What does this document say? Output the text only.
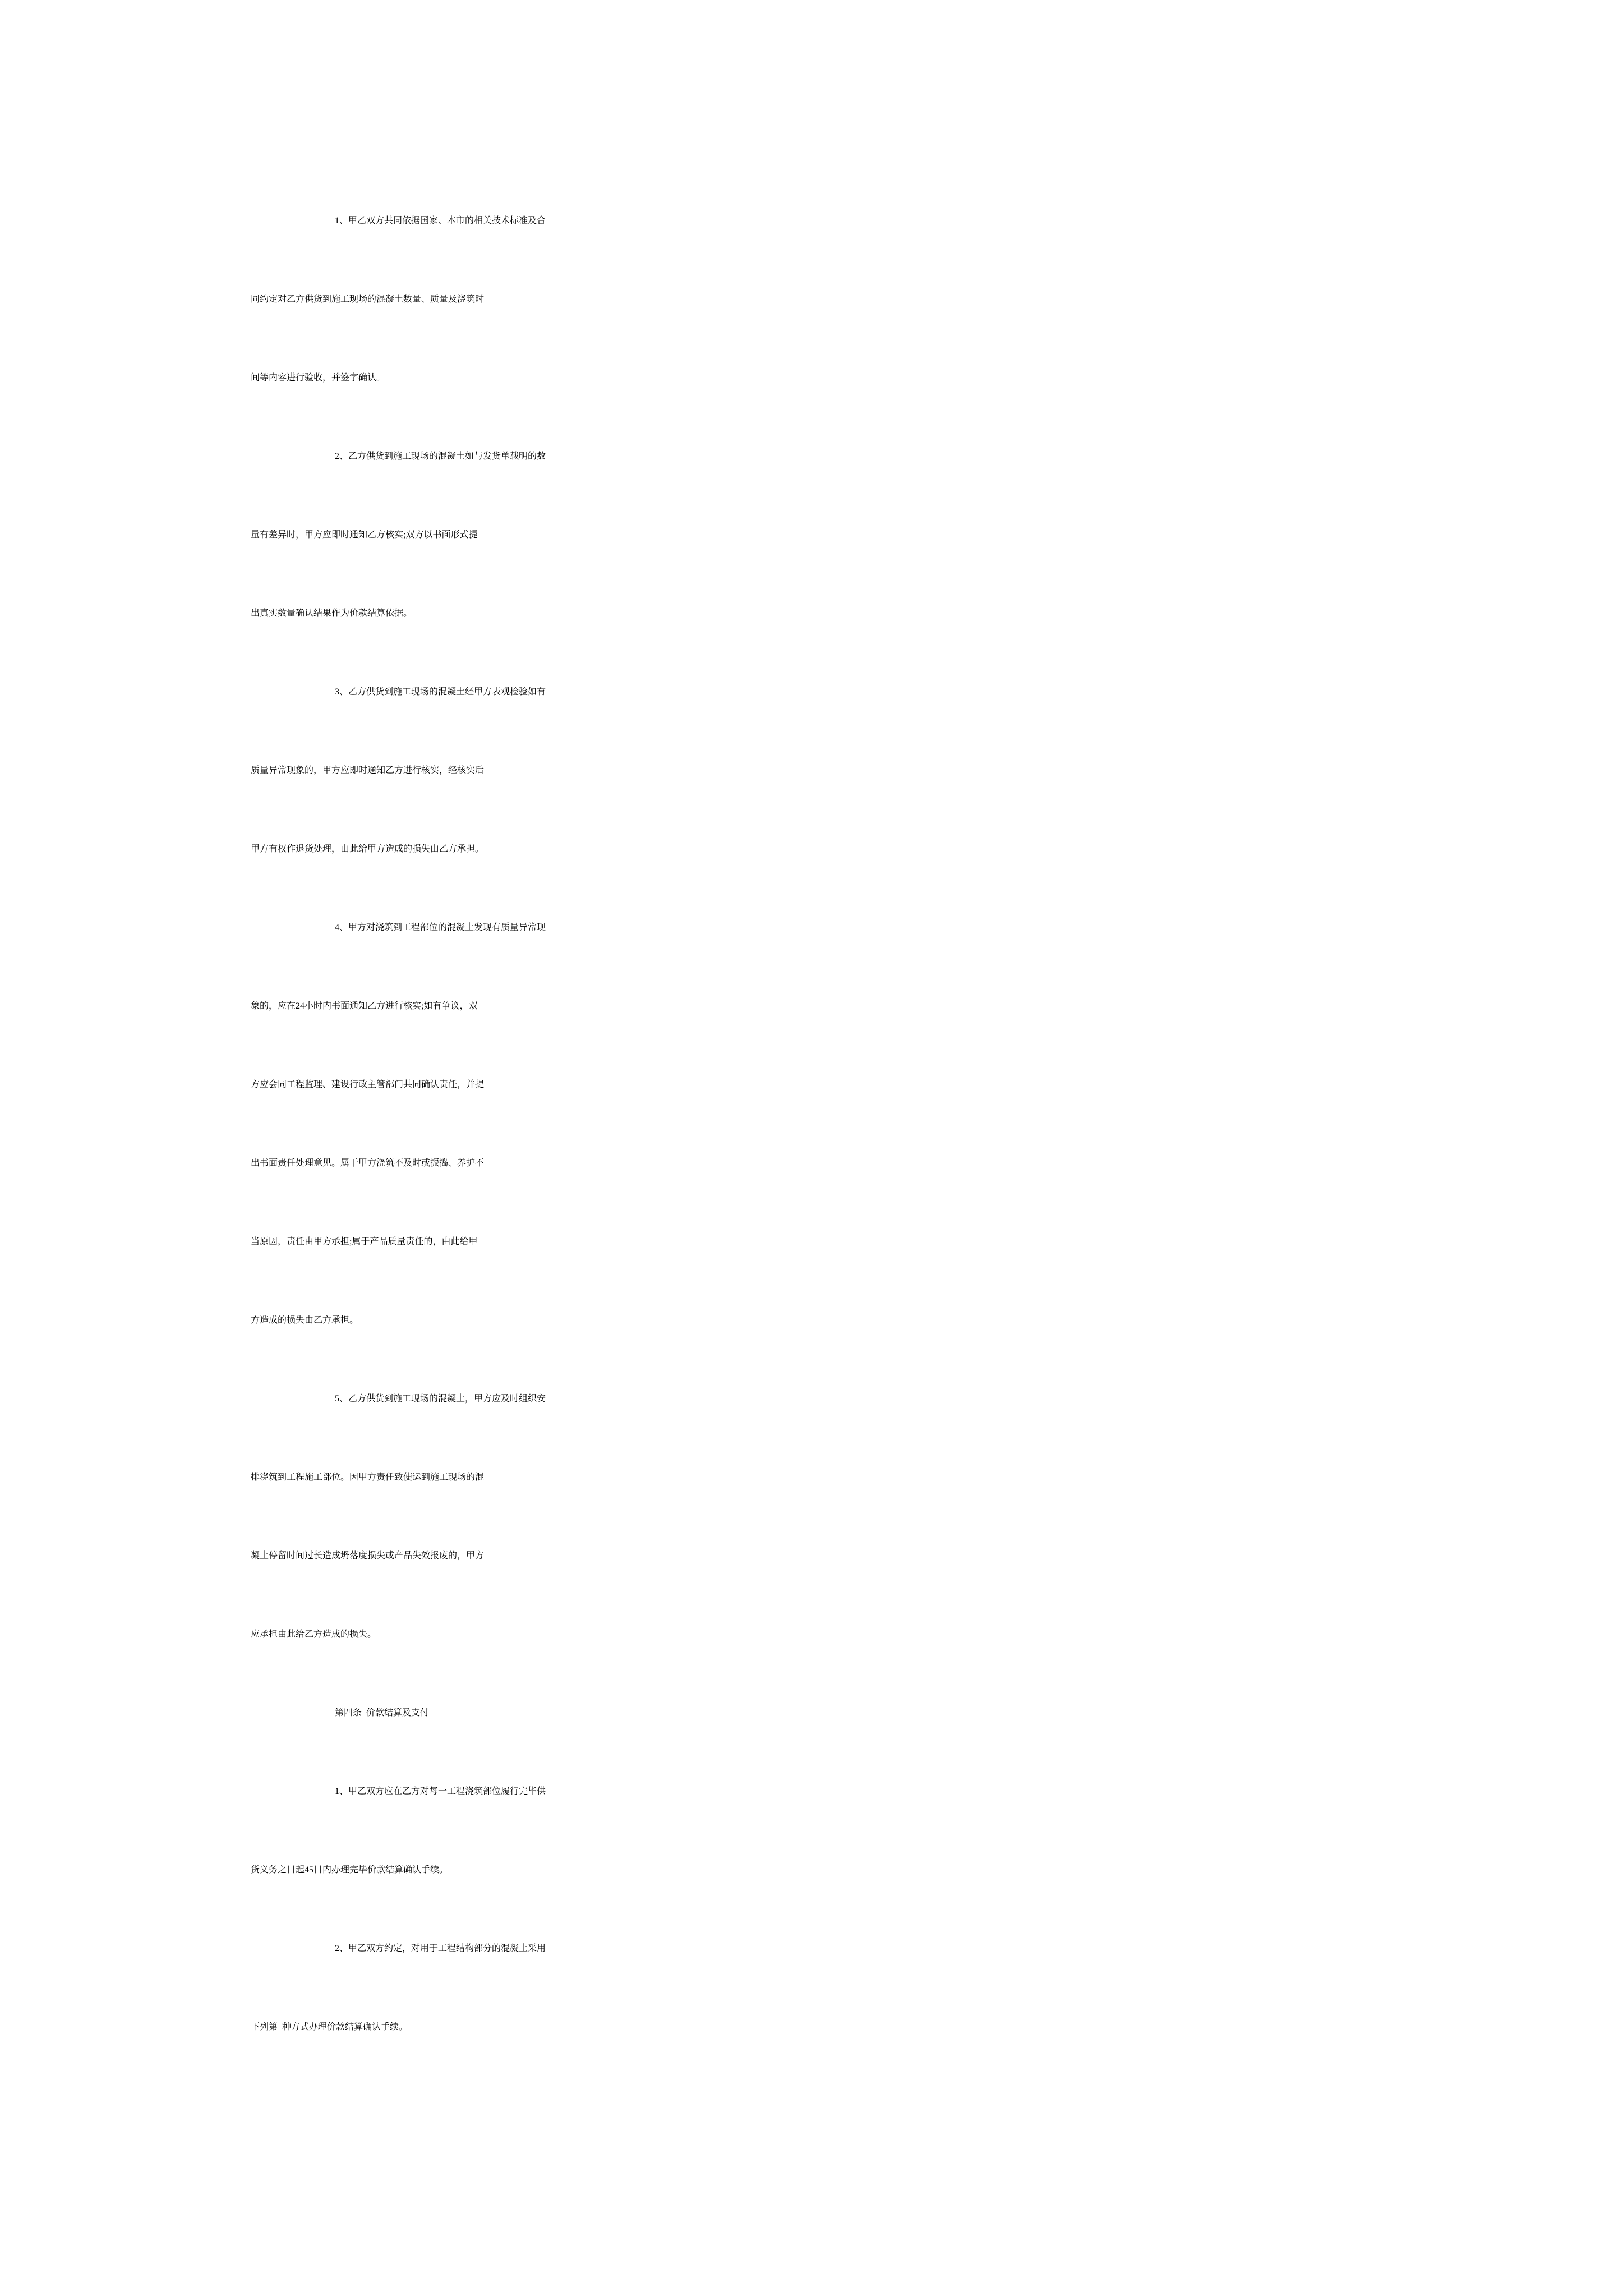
1、甲乙双方共同依据国家、本市的相关技术标准及合
同约定对乙方供货到施工现场的混凝土数量、质量及浇筑时
间等内容进行验收，并签字确认。
2、乙方供货到施工现场的混凝土如与发货单载明的数
量有差异时，甲方应即时通知乙方核实;双方以书面形式提
出真实数量确认结果作为价款结算依据。
3、乙方供货到施工现场的混凝土经甲方表观检验如有
质量异常现象的，甲方应即时通知乙方进行核实，经核实后
甲方有权作退货处理，由此给甲方造成的损失由乙方承担。
4、甲方对浇筑到工程部位的混凝土发现有质量异常现
象的，应在24小时内书面通知乙方进行核实;如有争议，双
方应会同工程监理、建设行政主管部门共同确认责任，并提
出书面责任处理意见。属于甲方浇筑不及时或振捣、养护不
当原因，责任由甲方承担;属于产品质量责任的，由此给甲
方造成的损失由乙方承担。
5、乙方供货到施工现场的混凝土，甲方应及时组织安
排浇筑到工程施工部位。因甲方责任致使运到施工现场的混
凝土停留时间过长造成坍落度损失或产品失效报废的，甲方
应承担由此给乙方造成的损失。
第四条  价款结算及支付
1、甲乙双方应在乙方对每一工程浇筑部位履行完毕供
货义务之日起45日内办理完毕价款结算确认手续。
2、甲乙双方约定，对用于工程结构部分的混凝土采用
下列第  种方式办理价款结算确认手续。
